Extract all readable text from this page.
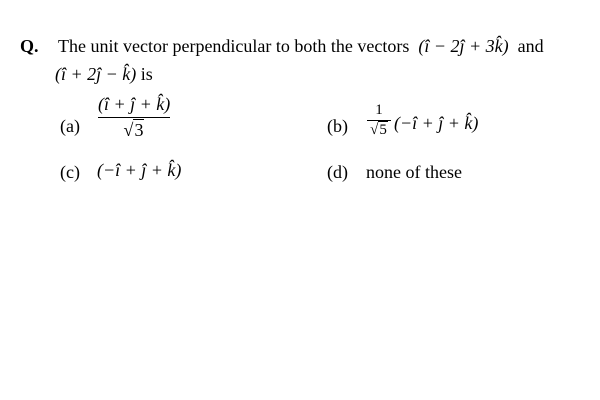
Q. The unit vector perpendicular to both the vectors (î − 2ĵ + 3k̂) and
(î + 2ĵ − k̂) is
(a)
(î + ĵ + k̂)
√3	(b)
1
√5 (−î + ĵ + k̂)
(c) (−î + ĵ + k̂)	(d) none of these
